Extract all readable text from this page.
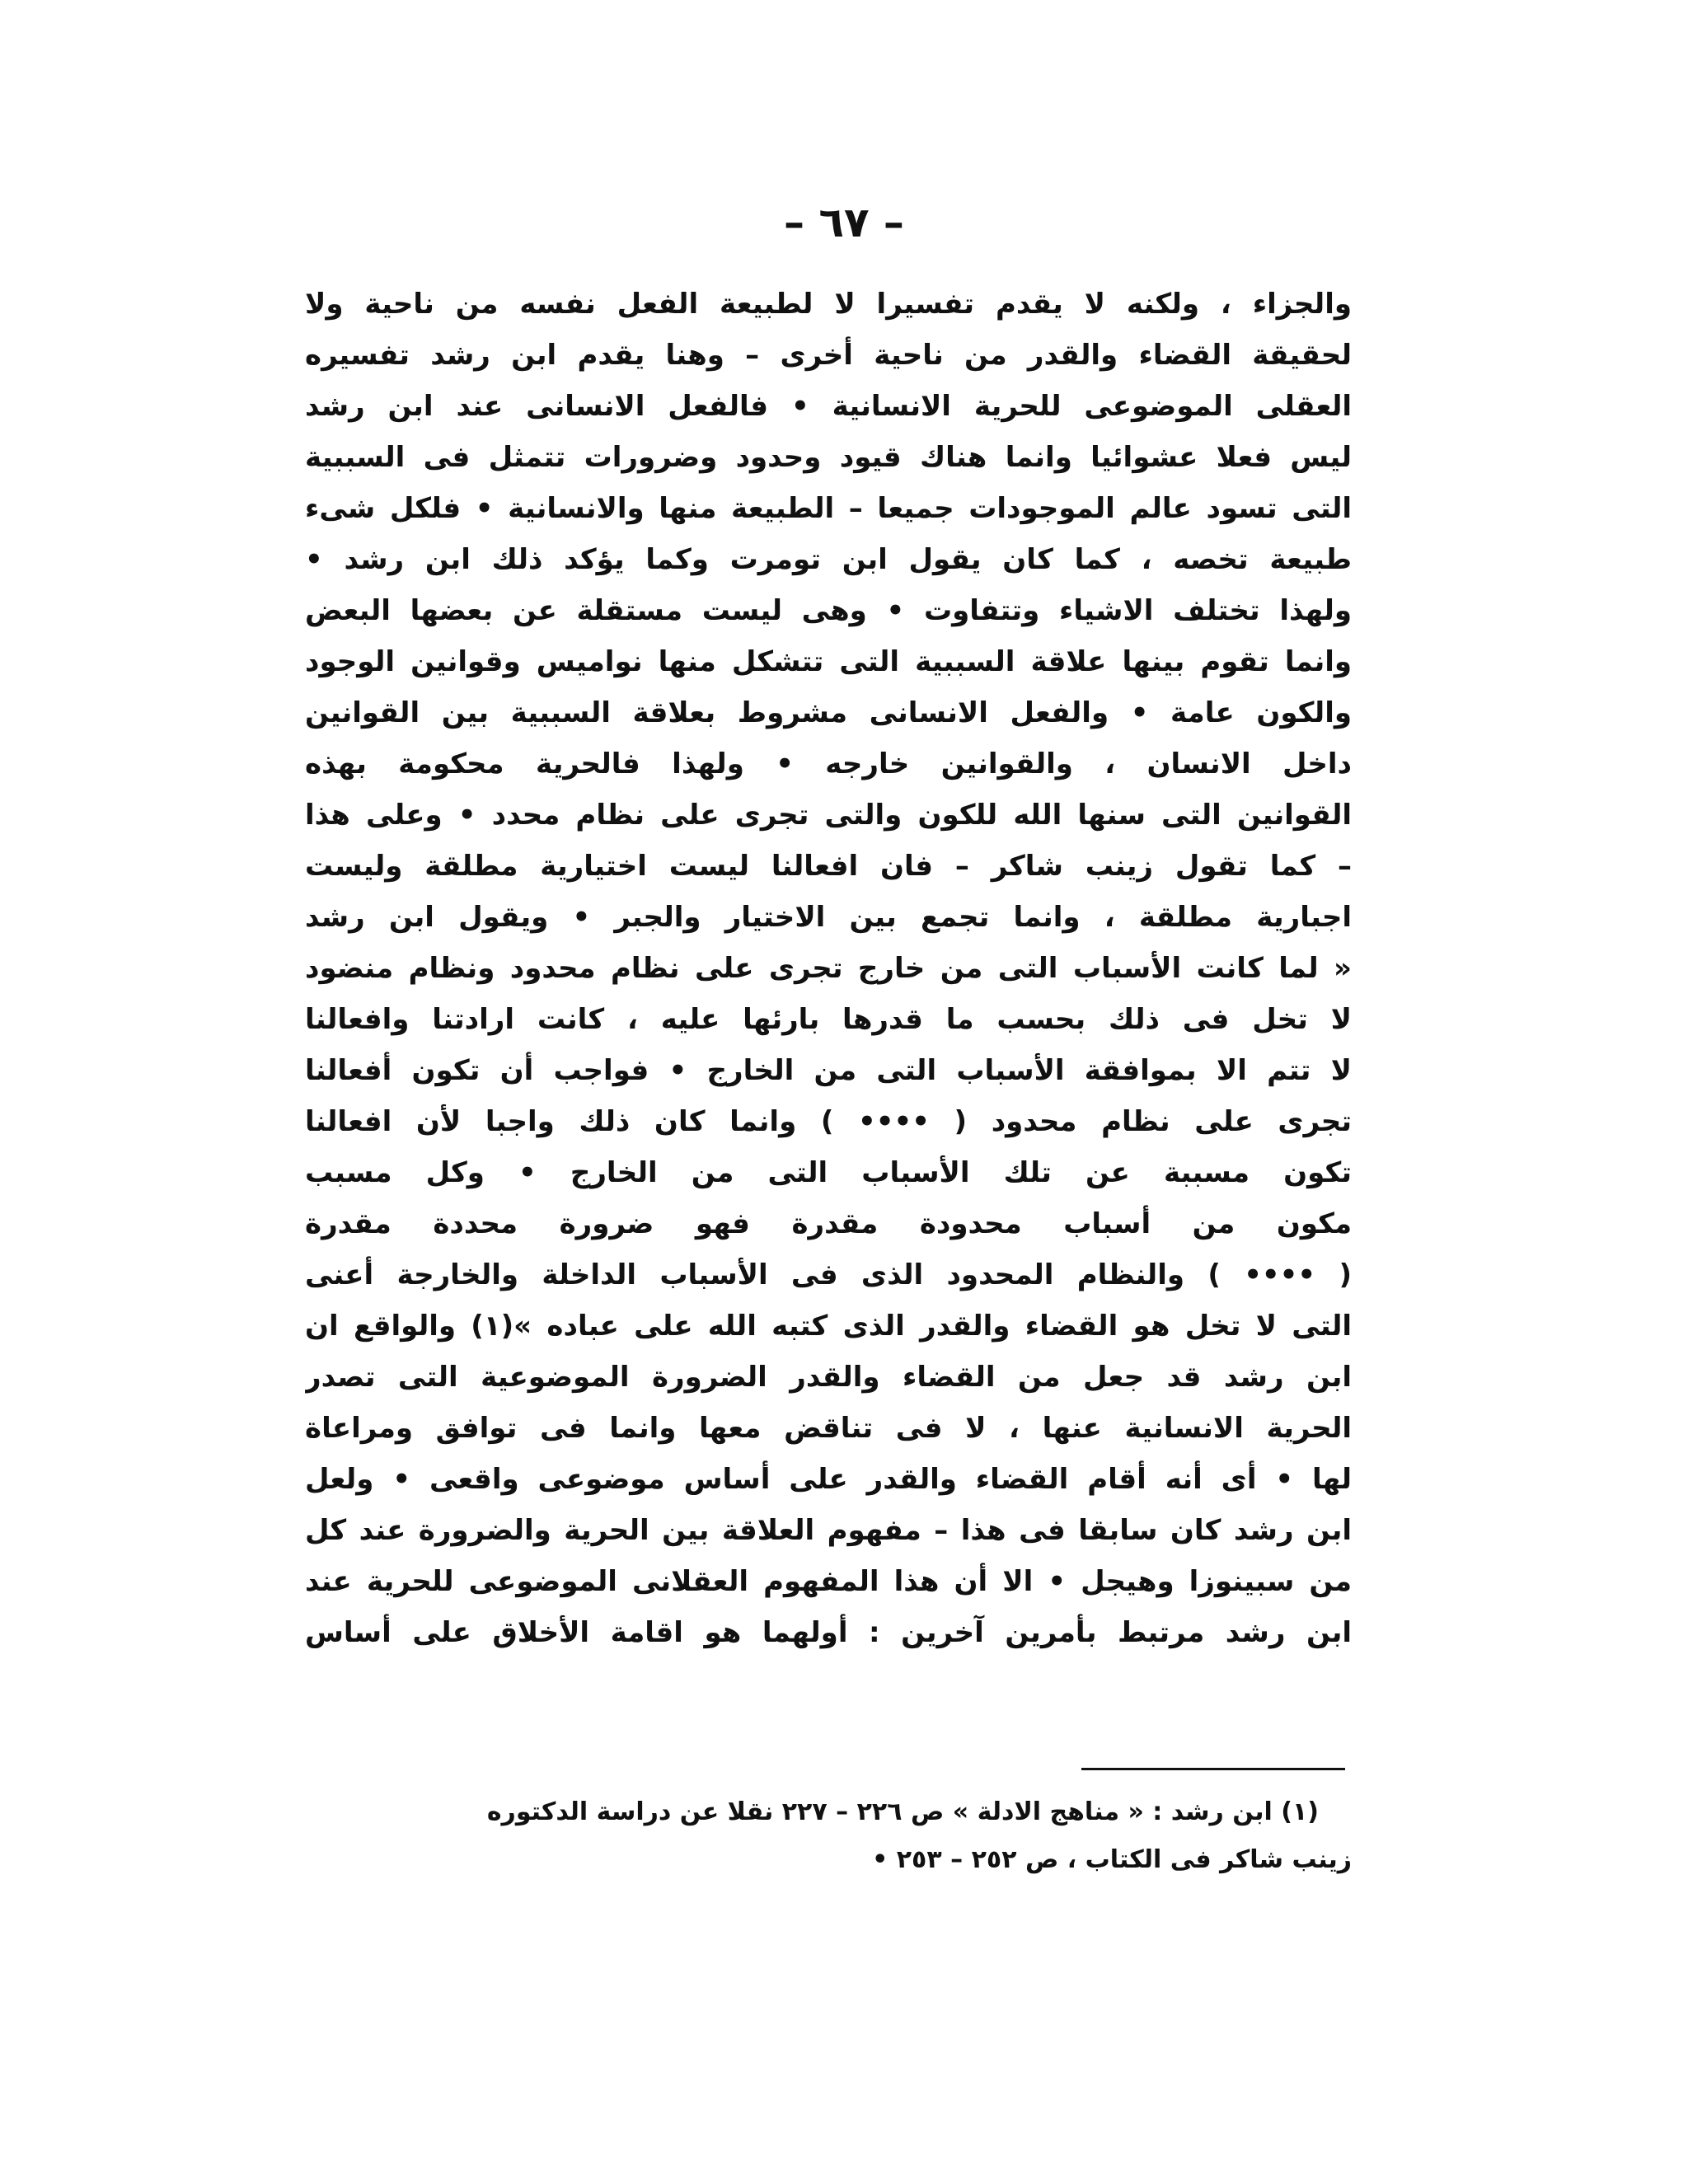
– ٦٧ –
والجزاء ، ولكنه لا يقدم تفسيرا لا لطبيعة الفعل نفسه من ناحية ولا
لحقيقة القضاء والقدر من ناحية أخرى – وهنا يقدم ابن رشد تفسيره
العقلى الموضوعى للحرية الانسانية • فالفعل الانسانى عند ابن رشد
ليس فعلا عشوائيا وانما هناك قيود وحدود وضرورات تتمثل فى السببية
التى تسود عالم الموجودات جميعا – الطبيعة منها والانسانية • فلكل شىء
طبيعة تخصه ، كما كان يقول ابن تومرت وكما يؤكد ذلك ابن رشد •
ولهذا تختلف الاشياء وتتفاوت • وهى ليست مستقلة عن بعضها البعض
وانما تقوم بينها علاقة السببية التى تتشكل منها نواميس وقوانين الوجود
والكون عامة • والفعل الانسانى مشروط بعلاقة السببية بين القوانين
داخل الانسان ، والقوانين خارجه • ولهذا فالحرية محكومة بهذه
القوانين التى سنها الله للكون والتى تجرى على نظام محدد • وعلى هذا
– كما تقول زينب شاكر – فان افعالنا ليست اختيارية مطلقة وليست
اجبارية مطلقة ، وانما تجمع بين الاختيار والجبر • ويقول ابن رشد
« لما كانت الأسباب التى من خارج تجرى على نظام محدود ونظام منضود
لا تخل فى ذلك بحسب ما قدرها بارئها عليه ، كانت ارادتنا وافعالنا
لا تتم الا بموافقة الأسباب التى من الخارج • فواجب أن تكون أفعالنا
تجرى على نظام محدود ( •••• ) وانما كان ذلك واجبا لأن افعالنا
تكون مسببة عن تلك الأسباب التى من الخارج • وكل مسبب
مكون من أسباب محدودة مقدرة فهو ضرورة محددة مقدرة
( •••• ) والنظام المحدود الذى فى الأسباب الداخلة والخارجة أعنى
التى لا تخل هو القضاء والقدر الذى كتبه الله على عباده »(١) والواقع ان
ابن رشد قد جعل من القضاء والقدر الضرورة الموضوعية التى تصدر
الحرية الانسانية عنها ، لا فى تناقض معها وانما فى توافق ومراعاة
لها • أى أنه أقام القضاء والقدر على أساس موضوعى واقعى • ولعل
ابن رشد كان سابقا فى هذا – مفهوم العلاقة بين الحرية والضرورة عند كل
من سبينوزا وهيجل • الا أن هذا المفهوم العقلانى الموضوعى للحرية عند
ابن رشد مرتبط بأمرين آخرين : أولهما هو اقامة الأخلاق على أساس
(١) ابن رشد : « مناهج الادلة » ص ٢٢٦ – ٢٢٧ نقلا عن دراسة الدكتوره
زينب شاكر فى الكتاب ، ص ٢٥٢ – ٢٥٣ •
